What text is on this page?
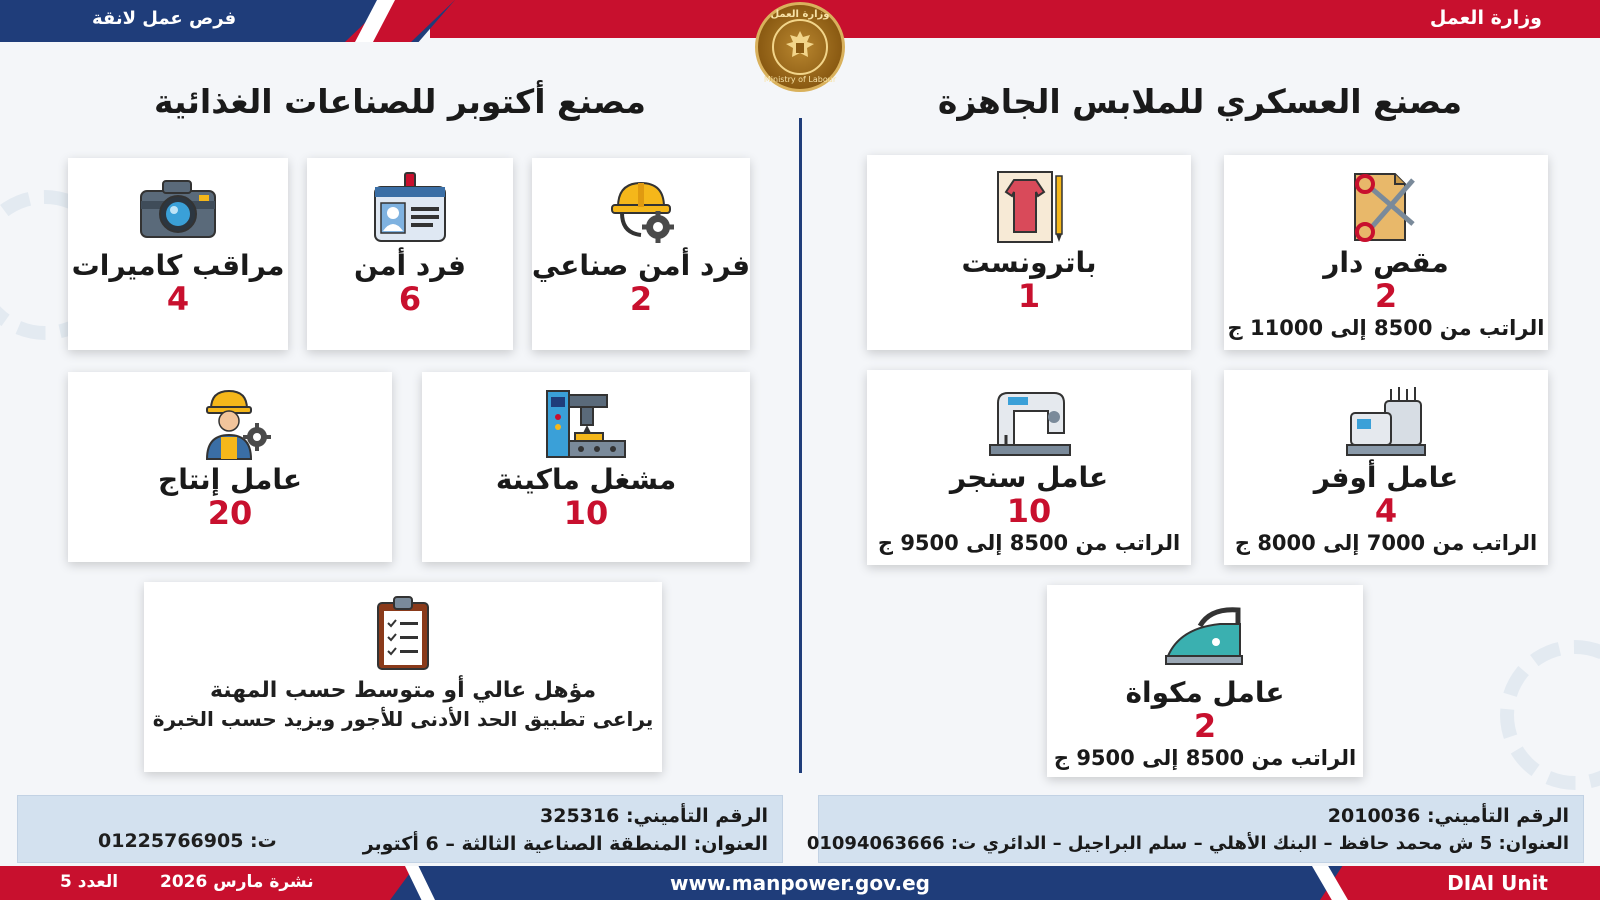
فرص عمل لانقة	وزارة العمل
وزارة العمل
Ministry of Labour
مصنع أكتوبر للصناعات الغذائية	مصنع العسكري للملابس الجاهزة
فرد أمن صناعي
2
فرد أمن
6
مراقب كاميرات
4
مشغل ماكينة
10
عامل إنتاج
20
مؤهل عالي أو متوسط حسب المهنة
يراعى تطبيق الحد الأدنى للأجور ويزيد حسب الخبرة
مقص دار
2
الراتب من 8500 إلى 11000 ج
باترونست
1
عامل أوفر
4
الراتب من 7000 إلى 8000 ج
عامل سنجر
10
الراتب من 8500 إلى 9500 ج
عامل مكواة
2
الراتب من 8500 إلى 9500 ج
الرقم التأميني: 325316
العنوان: المنطقة الصناعية الثالثة – 6 أكتوبر
ت: 01225766905
الرقم التأميني: 2010036
العنوان: 5 ش محمد حافظ – البنك الأهلي – سلم البراجيل – الدائري ت: 01094063666
العدد 5 نشرة مارس 2026	www.manpower.gov.eg	DIAI Unit
